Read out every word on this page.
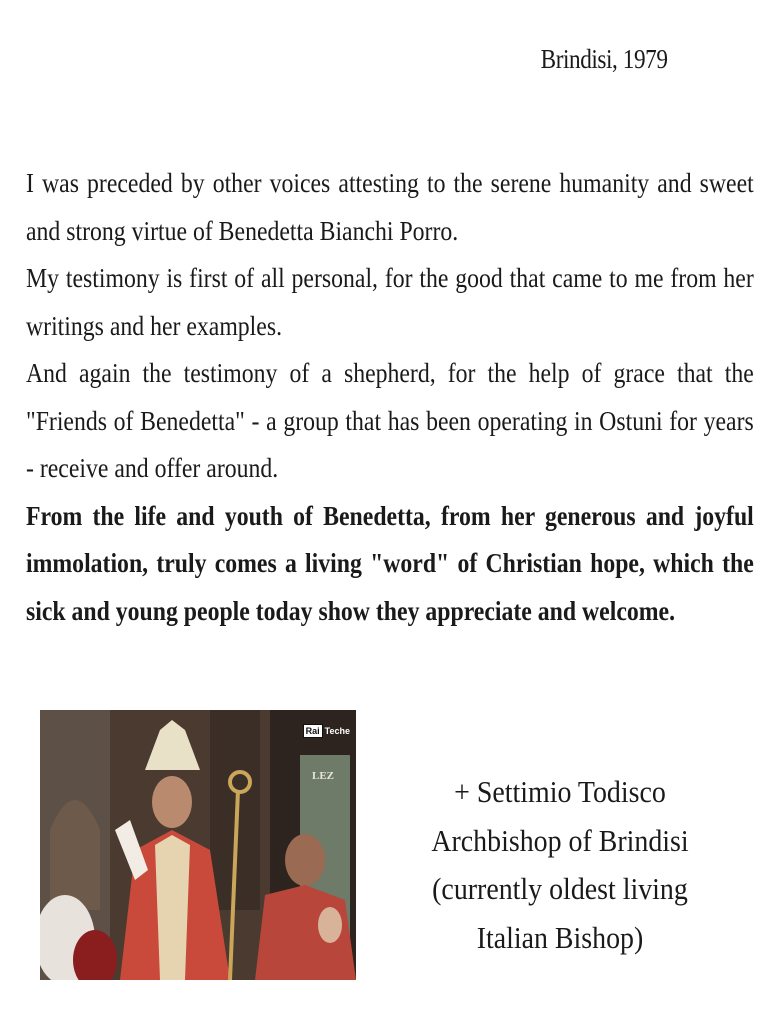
Brindisi, 1979

I was preceded by other voices attesting to the serene humanity and sweet and strong virtue of Benedetta Bianchi Porro.

My testimony is first of all personal, for the good that came to me from her writings and her examples.

And again the testimony of a shepherd, for the help of grace that the "Friends of Benedetta" - a group that has been operating in Ostuni for years - receive and offer around.

From the life and youth of Benedetta, from her generous and joyful immolation, truly comes a living "word" of Christian hope, which the sick and young people today show they appreciate and welcome.

Rai Teche
LEZ	+ Settimio Todisco
Archbishop of Brindisi
(currently oldest living
Italian Bishop)
